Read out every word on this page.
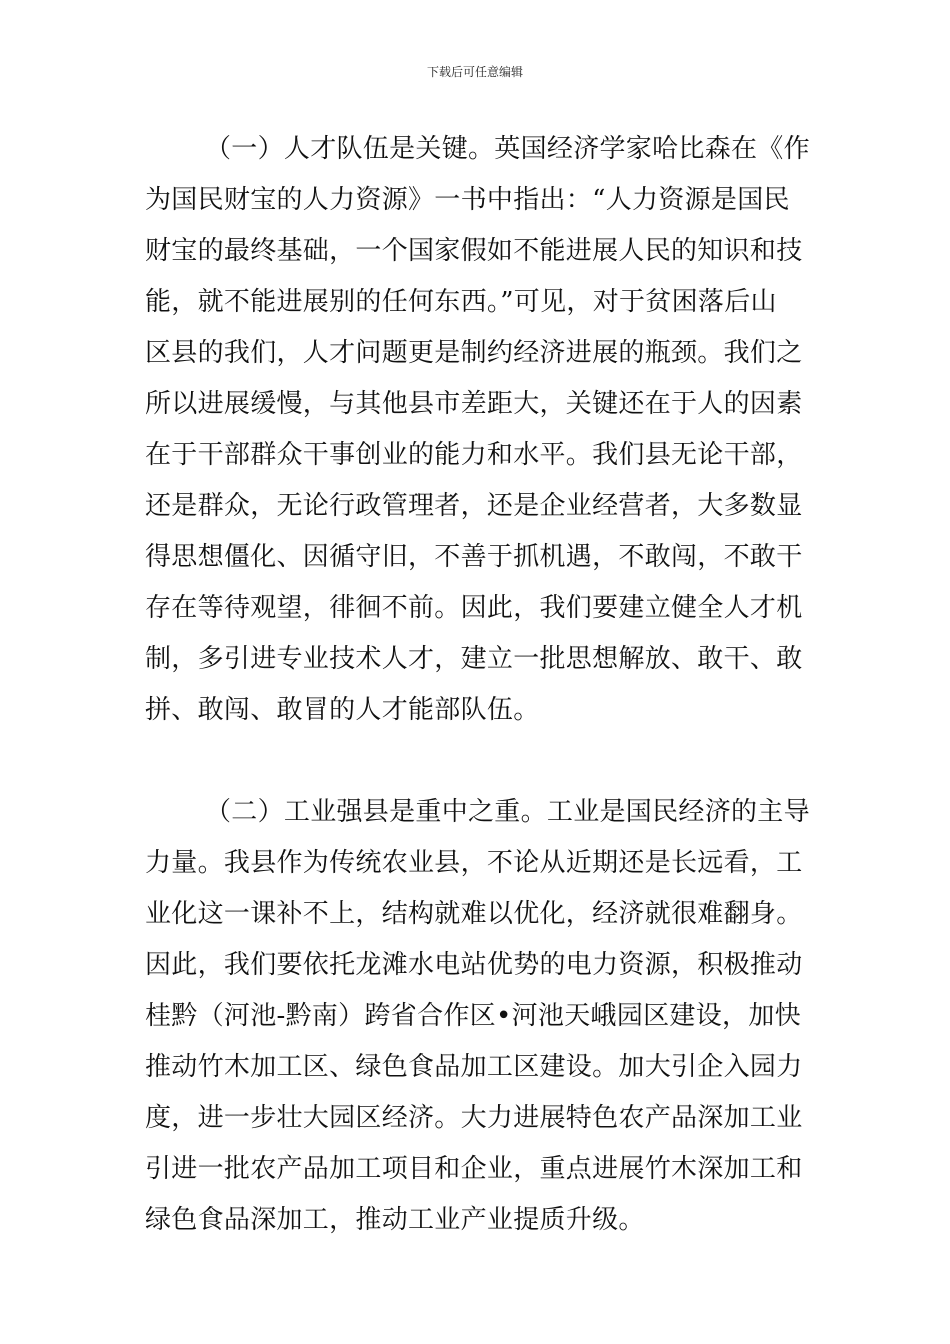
下载后可任意编辑
（一）人才队伍是关键。英国经济学家哈比森在《作
为国民财宝的人力资源》一书中指出：“人力资源是国民
财宝的最终基础，一个国家假如不能进展人民的知识和技
能，就不能进展别的任何东西。”可见，对于贫困落后山
区县的我们，人才问题更是制约经济进展的瓶颈。我们之
所以进展缓慢，与其他县市差距大，关键还在于人的因素
在于干部群众干事创业的能力和水平。我们县无论干部，
还是群众，无论行政管理者，还是企业经营者，大多数显
得思想僵化、因循守旧，不善于抓机遇，不敢闯，不敢干
存在等待观望，徘徊不前。因此，我们要建立健全人才机
制，多引进专业技术人才，建立一批思想解放、敢干、敢
拼、敢闯、敢冒的人才能部队伍。
（二）工业强县是重中之重。工业是国民经济的主导
力量。我县作为传统农业县，不论从近期还是长远看，工
业化这一课补不上，结构就难以优化，经济就很难翻身。
因此，我们要依托龙滩水电站优势的电力资源，积极推动
桂黔（河池-黔南）跨省合作区•河池天峨园区建设，加快
推动竹木加工区、绿色食品加工区建设。加大引企入园力
度，进一步壮大园区经济。大力进展特色农产品深加工业
引进一批农产品加工项目和企业，重点进展竹木深加工和
绿色食品深加工，推动工业产业提质升级。
